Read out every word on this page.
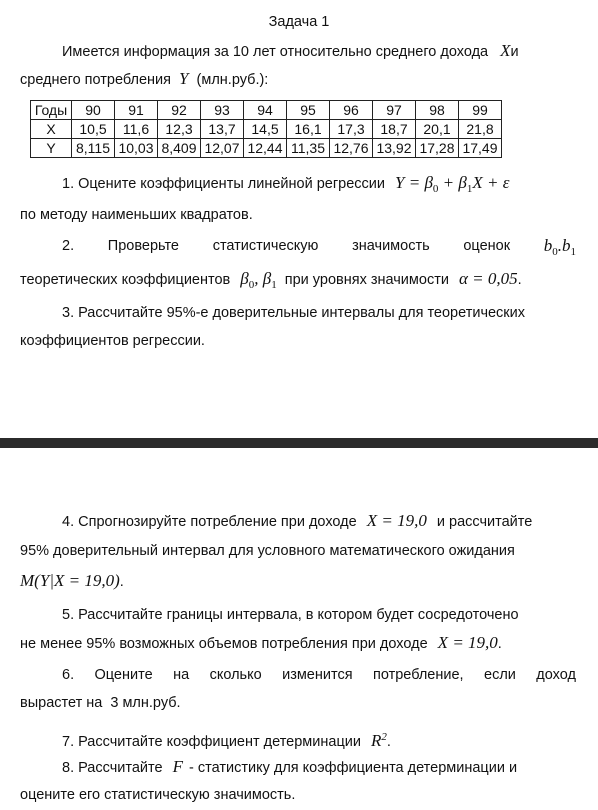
Задача 1
Имеется информация за 10 лет относительно среднего дохода Xи
среднего потребления Y (млн.руб.):
Годы	90	91	92	93	94	95	96	97	98	99
X	10,5	11,6	12,3	13,7	14,5	16,1	17,3	18,7	20,1	21,8
Y	8,115	10,03	8,409	12,07	12,44	11,35	12,76	13,92	17,28	17,49
1. Оцените коэффициенты линейной регрессии $Y = \beta_0 + \beta_1X + \varepsilon$
по методу наименьших квадратов.
2. Проверьте статистическую значимость оценок $b_0.b_1$
теоретических коэффициентов $\beta_0$, $\beta_1$ при уровнях значимости α = 0,05.
3. Рассчитайте 95%-е доверительные интервалы для теоретических
коэффициентов регрессии.
4. Спрогнозируйте потребление при доходе X = 19,0 и рассчитайте
95% доверительный интервал для условного математического ожидания
M(Y|X = 19,0).
5. Рассчитайте границы интервала, в котором будет сосредоточено
не менее 95% возможных объемов потребления при доходе X = 19,0.
6. Оцените на сколько изменится потребление, если доход
вырастет на  3 млн.руб.
7. Рассчитайте коэффициент детерминации $R^2$.
8. Рассчитайте F - статистику для коэффициента детерминации и
оцените его статистическую значимость.
